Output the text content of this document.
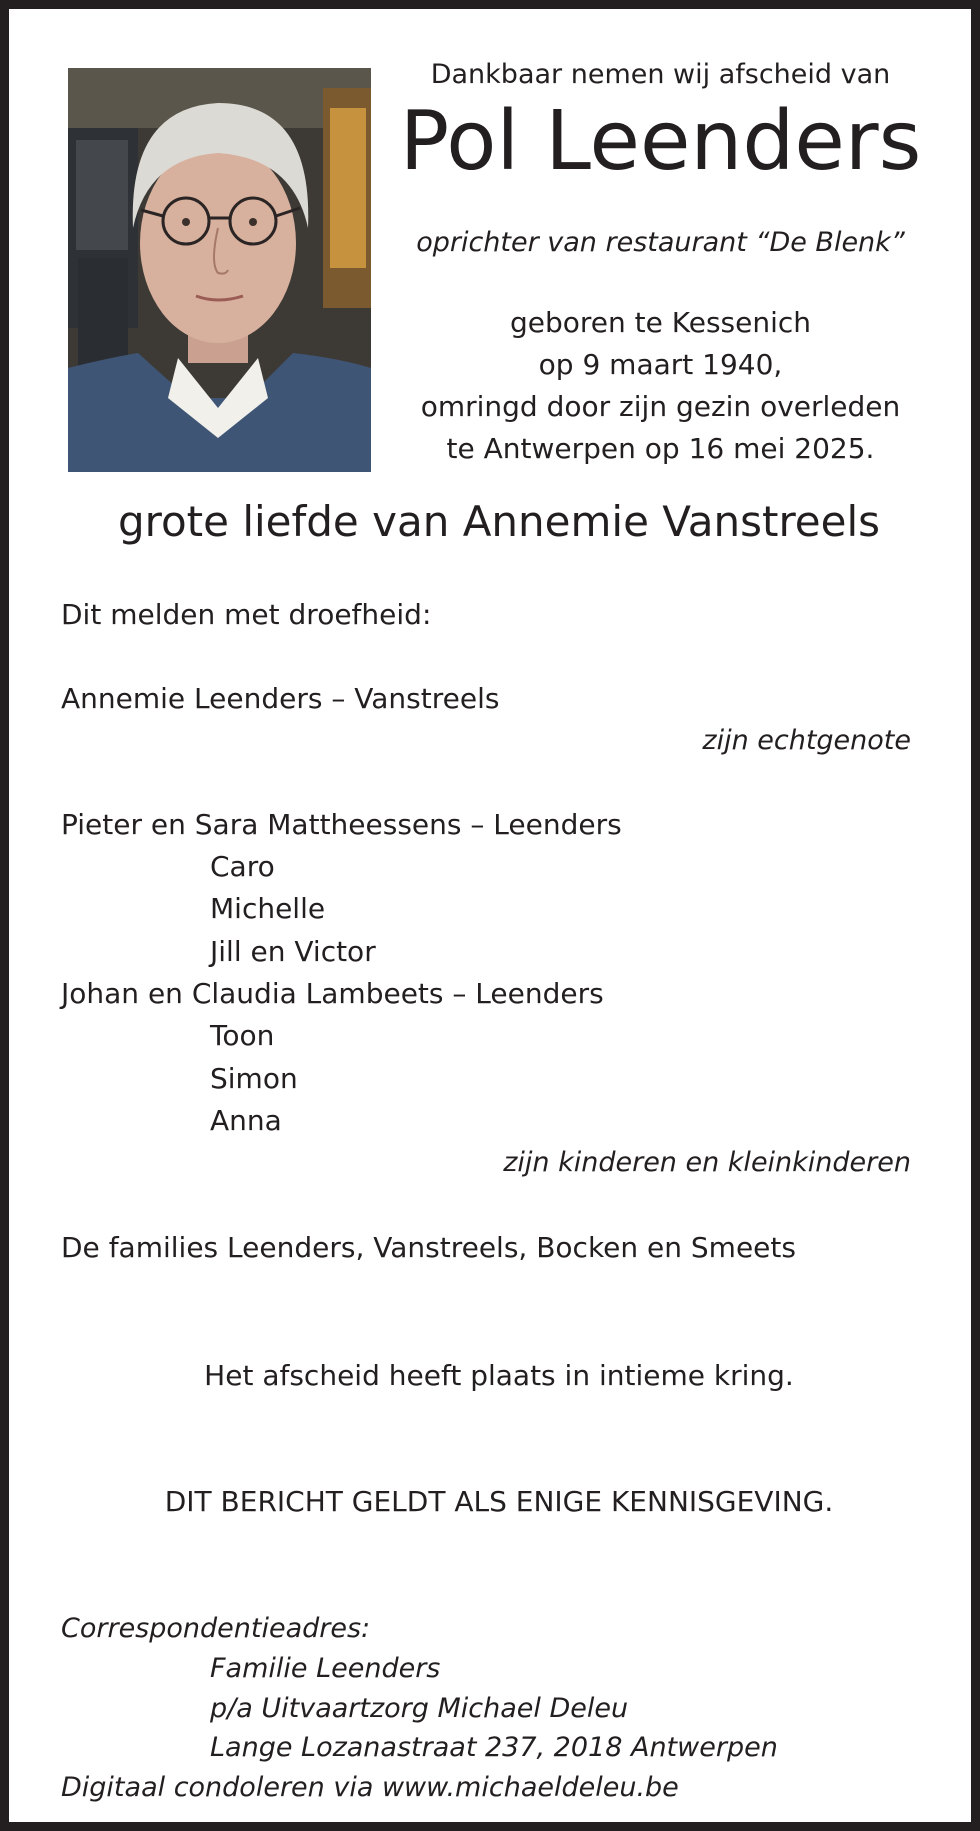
Dankbaar nemen wij afscheid van
Pol Leenders
oprichter van restaurant “De Blenk”
geboren te Kessenich
op 9 maart 1940,
omringd door zijn gezin overleden
te Antwerpen op 16 mei 2025.
grote liefde van Annemie Vanstreels
Dit melden met droefheid:
Annemie Leenders – Vanstreels
zijn echtgenote
Pieter en Sara Mattheessens – Leenders
Caro
Michelle
Jill en Victor
Johan en Claudia Lambeets – Leenders
Toon
Simon
Anna
zijn kinderen en kleinkinderen
De families Leenders, Vanstreels, Bocken en Smeets
Het afscheid heeft plaats in intieme kring.
DIT BERICHT GELDT ALS ENIGE KENNISGEVING.
Correspondentieadres:
Familie Leenders
p/a Uitvaartzorg Michael Deleu
Lange Lozanastraat 237, 2018 Antwerpen
Digitaal condoleren via www.michaeldeleu.be
